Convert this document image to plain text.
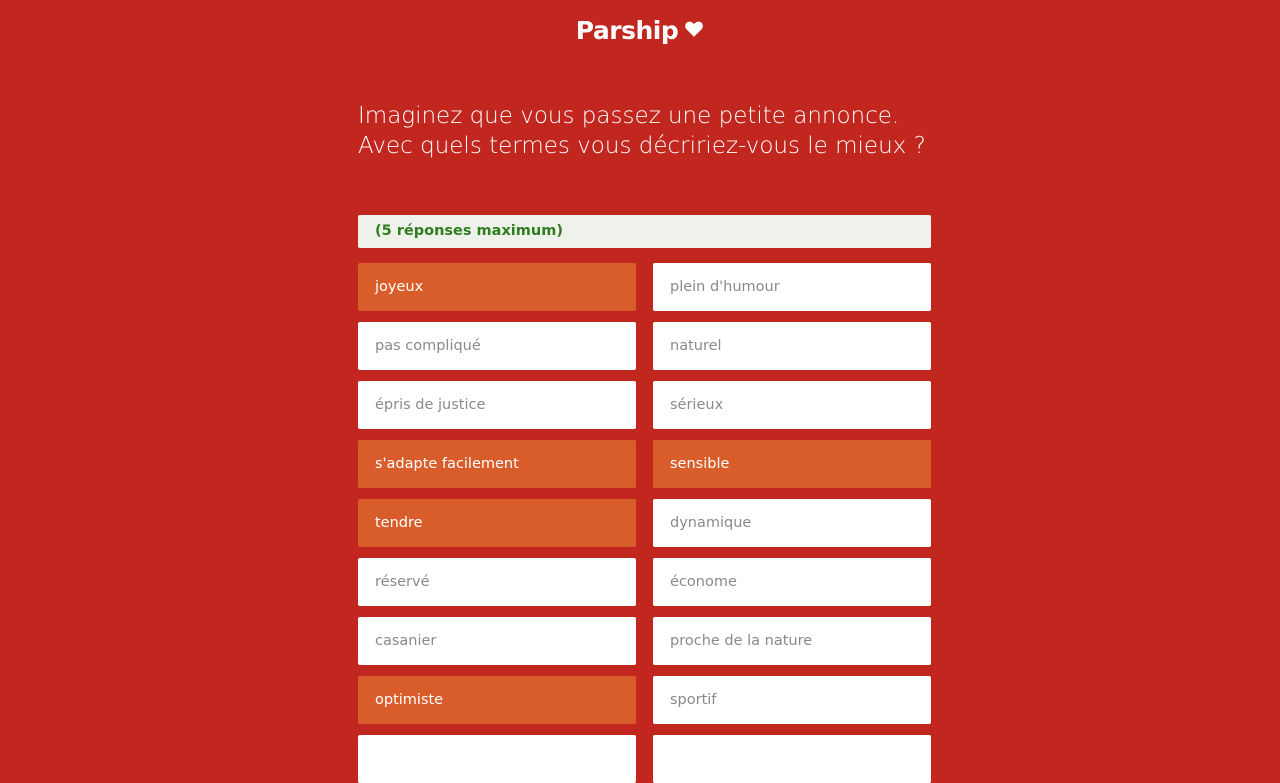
Parship

Imaginez que vous passez une petite annonce. Avec quels termes vous décririez-vous le mieux ?

(5 réponses maximum)
joyeux	plein d'humour
pas compliqué	naturel
épris de justice	sérieux
s'adapte facilement	sensible
tendre	dynamique
réservé	économe
casanier	proche de la nature
optimiste	sportif
